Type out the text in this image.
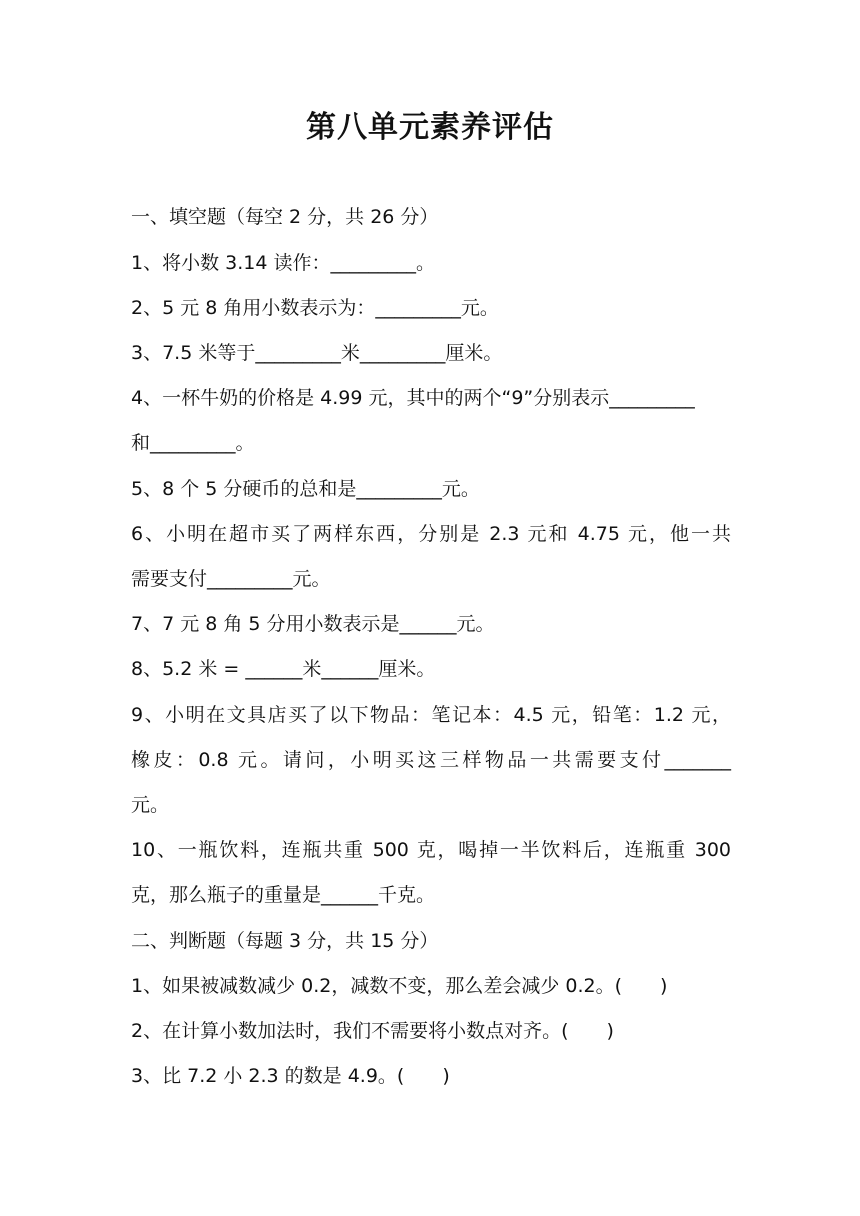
第八单元素养评估
一、填空题（每空 2 分，共 26 分）
1、将小数 3.14 读作：_________。
2、5 元 8 角用小数表示为：_________元。
3、7.5 米等于_________米_________厘米。
4、一杯牛奶的价格是 4.99 元，其中的两个“9”分别表示_________
和_________。
5、8 个 5 分硬币的总和是_________元。
6、小明在超市买了两样东西，分别是 2.3 元和 4.75 元，他一共
需要支付_________元。
7、7 元 8 角 5 分用小数表示是______元。
8、5.2 米 = ______米______厘米。
9、小明在文具店买了以下物品：笔记本：4.5 元，铅笔：1.2 元，
橡皮：0.8 元。请问，小明买这三样物品一共需要支付_______
元。
10、一瓶饮料，连瓶共重 500 克，喝掉一半饮料后，连瓶重 300
克，那么瓶子的重量是______千克。
二、判断题（每题 3 分，共 15 分）
1、如果被减数减少 0.2，减数不变，那么差会减少 0.2。(　　)
2、在计算小数加法时，我们不需要将小数点对齐。(　　)
3、比 7.2 小 2.3 的数是 4.9。(　　)
